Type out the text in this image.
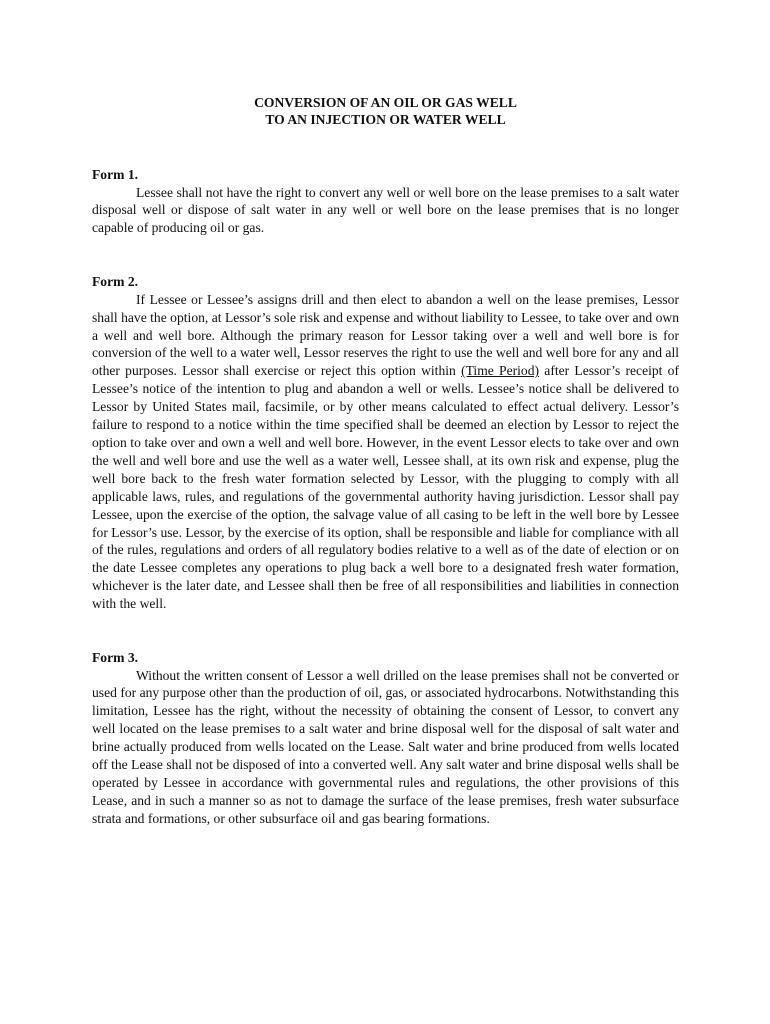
CONVERSION OF AN OIL OR GAS WELL
TO AN INJECTION OR WATER WELL

Form 1.

Lessee shall not have the right to convert any well or well bore on the lease premises to a salt water disposal well or dispose of salt water in any well or well bore on the lease premises that is no longer capable of producing oil or gas.

Form 2.

If Lessee or Lessee’s assigns drill and then elect to abandon a well on the lease premises, Lessor shall have the option, at Lessor’s sole risk and expense and without liability to Lessee, to take over and own a well and well bore. Although the primary reason for Lessor taking over a well and well bore is for conversion of the well to a water well, Lessor reserves the right to use the well and well bore for any and all other purposes. Lessor shall exercise or reject this option within (Time Period) after Lessor’s receipt of Lessee’s notice of the intention to plug and abandon a well or wells. Lessee’s notice shall be delivered to Lessor by United States mail, facsimile, or by other means calculated to effect actual delivery. Lessor’s failure to respond to a notice within the time specified shall be deemed an election by Lessor to reject the option to take over and own a well and well bore. However, in the event Lessor elects to take over and own the well and well bore and use the well as a water well, Lessee shall, at its own risk and expense, plug the well bore back to the fresh water formation selected by Lessor, with the plugging to comply with all applicable laws, rules, and regulations of the governmental authority having jurisdiction. Lessor shall pay Lessee, upon the exercise of the option, the salvage value of all casing to be left in the well bore by Lessee for Lessor’s use. Lessor, by the exercise of its option, shall be responsible and liable for compliance with all of the rules, regulations and orders of all regulatory bodies relative to a well as of the date of election or on the date Lessee completes any operations to plug back a well bore to a designated fresh water formation, whichever is the later date, and Lessee shall then be free of all responsibilities and liabilities in connection with the well.

Form 3.

Without the written consent of Lessor a well drilled on the lease premises shall not be converted or used for any purpose other than the production of oil, gas, or associated hydrocarbons. Notwithstanding this limitation, Lessee has the right, without the necessity of obtaining the consent of Lessor, to convert any well located on the lease premises to a salt water and brine disposal well for the disposal of salt water and brine actually produced from wells located on the Lease. Salt water and brine produced from wells located off the Lease shall not be disposed of into a converted well. Any salt water and brine disposal wells shall be operated by Lessee in accordance with governmental rules and regulations, the other provisions of this Lease, and in such a manner so as not to damage the surface of the lease premises, fresh water subsurface strata and formations, or other subsurface oil and gas bearing formations.
